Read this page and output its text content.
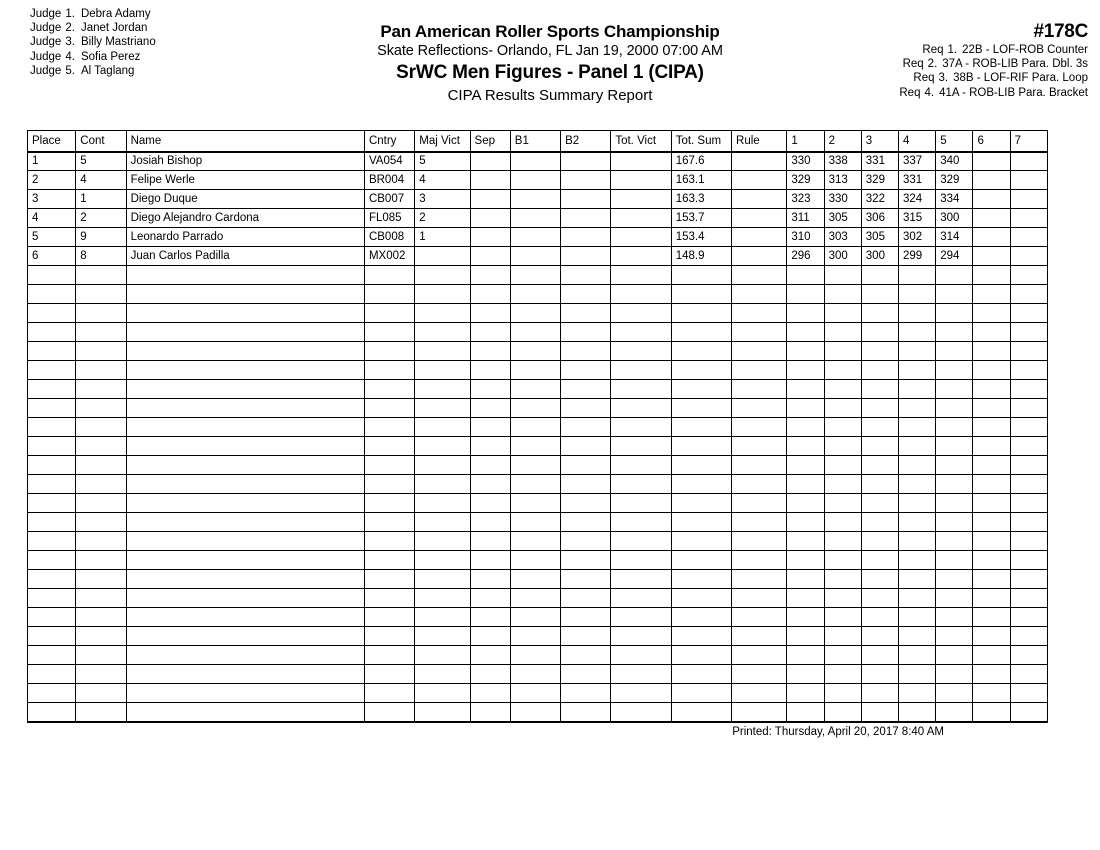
Judge 1. Debra Adamy
Judge 2. Janet Jordan
Judge 3. Billy Mastriano
Judge 4. Sofia Perez
Judge 5. Al Taglang
Pan American Roller Sports Championship
Skate Reflections- Orlando, FL Jan 19, 2000 07:00 AM
SrWC Men Figures - Panel 1 (CIPA)
CIPA Results Summary Report
#178C
Req 1. 22B - LOF-ROB Counter
Req 2. 37A - ROB-LIB Para. Dbl. 3s
Req 3. 38B - LOF-RIF Para. Loop
Req 4. 41A - ROB-LIB Para. Bracket
Place	Cont	Name	Cntry	Maj Vict	Sep	B1	B2	Tot. Vict	Tot. Sum	Rule	1	2	3	4	5	6	7
1	5	Josiah Bishop	VA054	5					167.6		330	338	331	337	340		
2	4	Felipe Werle	BR004	4					163.1		329	313	329	331	329		
3	1	Diego Duque	CB007	3					163.3		323	330	322	324	334		
4	2	Diego Alejandro Cardona	FL085	2					153.7		311	305	306	315	300		
5	9	Leonardo Parrado	CB008	1					153.4		310	303	305	302	314		
6	8	Juan Carlos Padilla	MX002						148.9		296	300	300	299	294		

Printed: Thursday, April 20, 2017 8:40 AM
